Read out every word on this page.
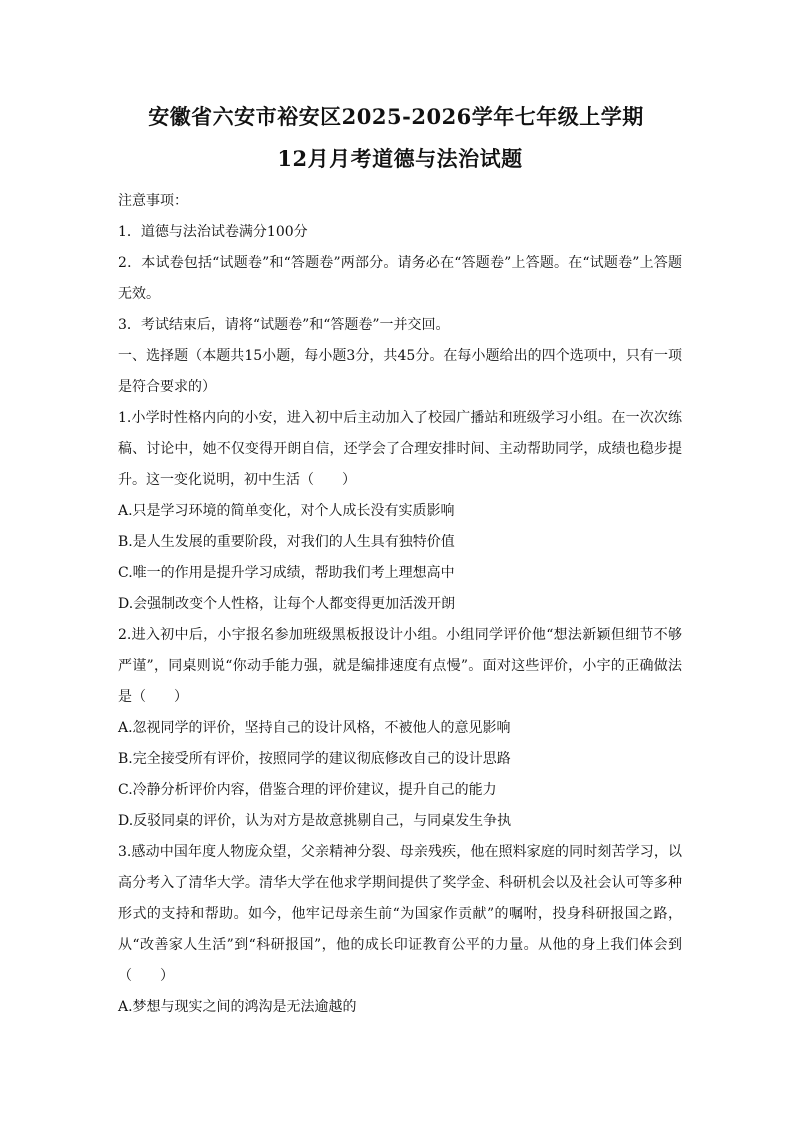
安徽省六安市裕安区2025-2026学年七年级上学期
12月月考道德与法治试题
注意事项：
1．道德与法治试卷满分100分
2．本试卷包括“试题卷”和“答题卷”两部分。请务必在“答题卷”上答题。在“试题卷”上答题无效。
3．考试结束后，请将“试题卷”和“答题卷”一并交回。
一、选择题（本题共15小题，每小题3分，共45分。在每小题给出的四个选项中，只有一项是符合要求的）
1.小学时性格内向的小安，进入初中后主动加入了校园广播站和班级学习小组。在一次次练稿、讨论中，她不仅变得开朗自信，还学会了合理安排时间、主动帮助同学，成绩也稳步提升。这一变化说明，初中生活（　　）
A.只是学习环境的简单变化，对个人成长没有实质影响
B.是人生发展的重要阶段，对我们的人生具有独特价值
C.唯一的作用是提升学习成绩，帮助我们考上理想高中
D.会强制改变个人性格，让每个人都变得更加活泼开朗
2.进入初中后，小宇报名参加班级黑板报设计小组。小组同学评价他“想法新颖但细节不够严谨”，同桌则说“你动手能力强，就是编排速度有点慢”。面对这些评价，小宇的正确做法是（　　）
A.忽视同学的评价，坚持自己的设计风格，不被他人的意见影响
B.完全接受所有评价，按照同学的建议彻底修改自己的设计思路
C.冷静分析评价内容，借鉴合理的评价建议，提升自己的能力
D.反驳同桌的评价，认为对方是故意挑剔自己，与同桌发生争执
3.感动中国年度人物庞众望，父亲精神分裂、母亲残疾，他在照料家庭的同时刻苦学习，以高分考入了清华大学。清华大学在他求学期间提供了奖学金、科研机会以及社会认可等多种形式的支持和帮助。如今，他牢记母亲生前“为国家作贡献”的嘱咐，投身科研报国之路，从“改善家人生活”到“科研报国”，他的成长印证教育公平的力量。从他的身上我们体会到（　　）
A.梦想与现实之间的鸿沟是无法逾越的
